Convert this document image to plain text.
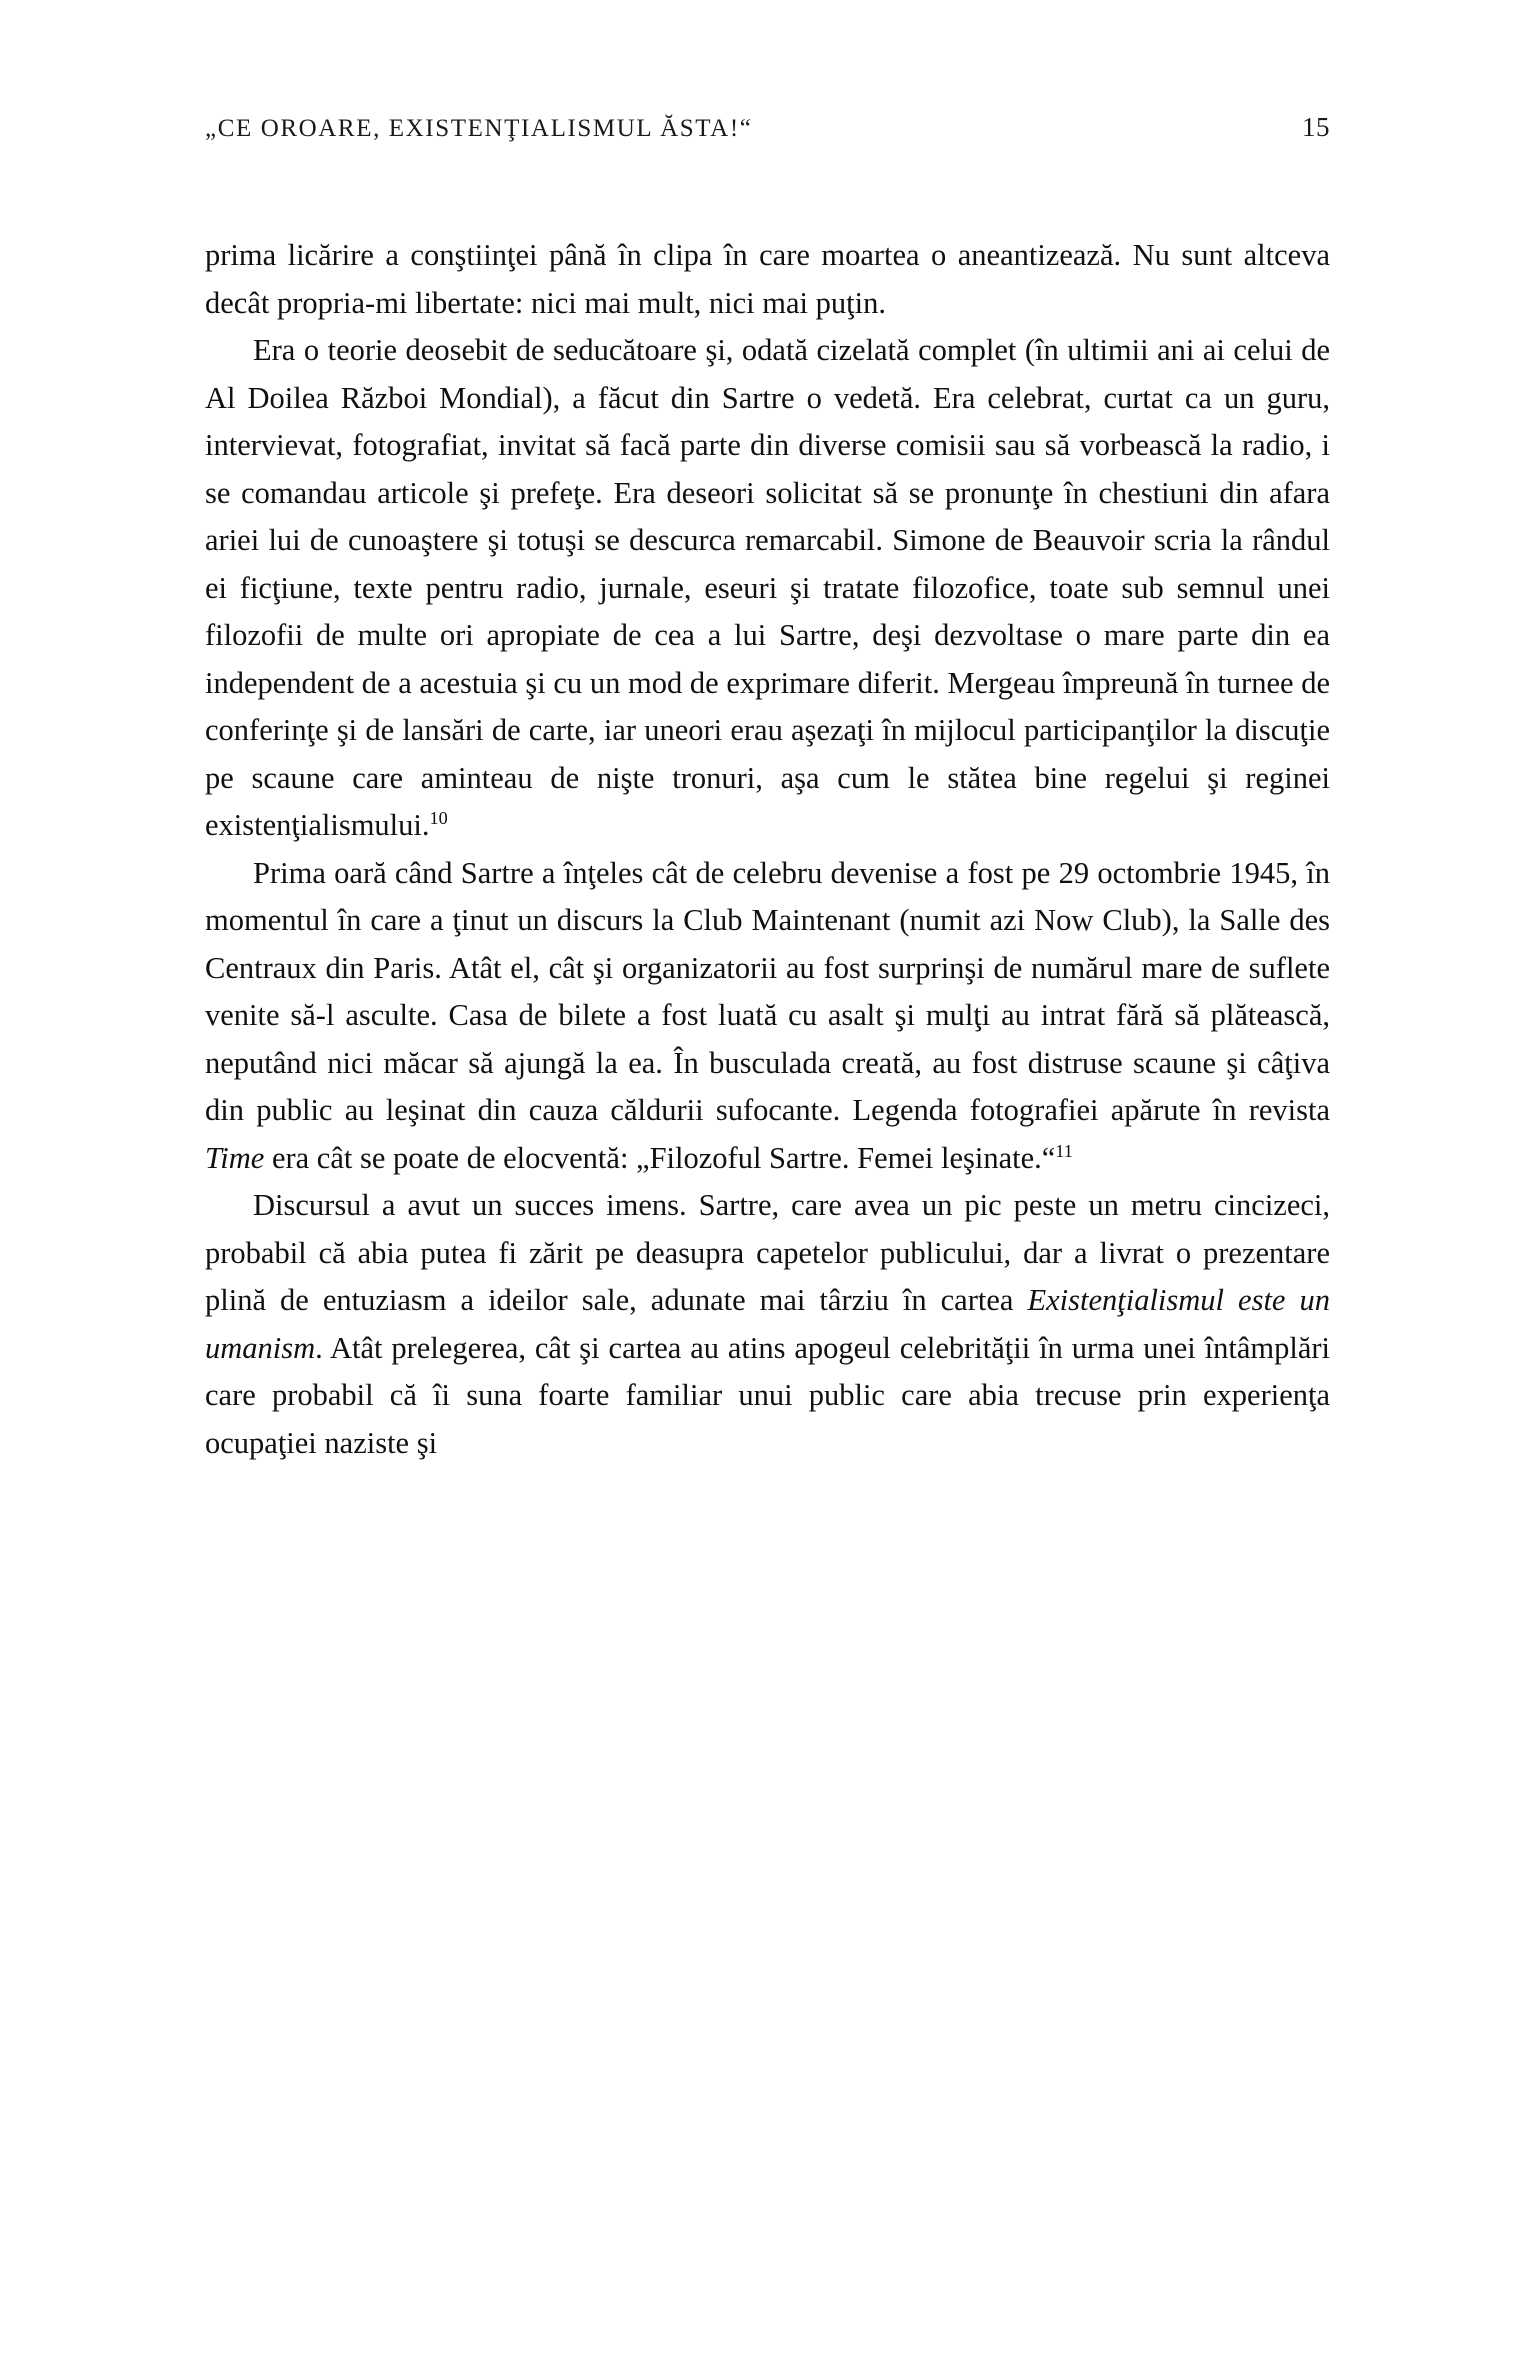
„CE OROARE, EXISTENŢIALISMUL ĂSTA!“	15

prima licărire a conştiinţei până în clipa în care moartea o aneantizează. Nu sunt altceva decât propria-mi libertate: nici mai mult, nici mai puţin.

Era o teorie deosebit de seducătoare şi, odată cizelată complet (în ultimii ani ai celui de Al Doilea Război Mondial), a făcut din Sartre o vedetă. Era celebrat, curtat ca un guru, intervievat, fotografiat, invitat să facă parte din diverse comisii sau să vorbească la radio, i se comandau articole şi prefeţe. Era deseori solicitat să se pronunţe în chestiuni din afara ariei lui de cunoaştere şi totuşi se descurca remarcabil. Simone de Beauvoir scria la rândul ei ficţiune, texte pentru radio, jurnale, eseuri şi tratate filozofice, toate sub semnul unei filozofii de multe ori apropiate de cea a lui Sartre, deşi dezvoltase o mare parte din ea independent de a acestuia şi cu un mod de exprimare diferit. Mergeau împreună în turnee de conferinţe şi de lansări de carte, iar uneori erau aşezaţi în mijlocul participanţilor la discuţie pe scaune care aminteau de nişte tronuri, aşa cum le stătea bine regelui şi reginei existenţialismului.$^{10}$

Prima oară când Sartre a înţeles cât de celebru devenise a fost pe 29 octombrie 1945, în momentul în care a ţinut un discurs la Club Maintenant (numit azi Now Club), la Salle des Centraux din Paris. Atât el, cât şi organizatorii au fost surprinşi de numărul mare de suflete venite să-l asculte. Casa de bilete a fost luată cu asalt şi mulţi au intrat fără să plătească, neputând nici măcar să ajungă la ea. În busculada creată, au fost distruse scaune şi câţiva din public au leşinat din cauza căldurii sufocante. Legenda fotografiei apărute în revista Time era cât se poate de elocventă: „Filozoful Sartre. Femei leşinate.“$^{11}$

Discursul a avut un succes imens. Sartre, care avea un pic peste un metru cincizeci, probabil că abia putea fi zărit pe deasupra capetelor publicului, dar a livrat o prezentare plină de entuziasm a ideilor sale, adunate mai târziu în cartea Existenţialismul este un umanism. Atât prelegerea, cât şi cartea au atins apogeul celebrităţii în urma unei întâmplări care probabil că îi suna foarte familiar unui public care abia trecuse prin experienţa ocupaţiei naziste şi
